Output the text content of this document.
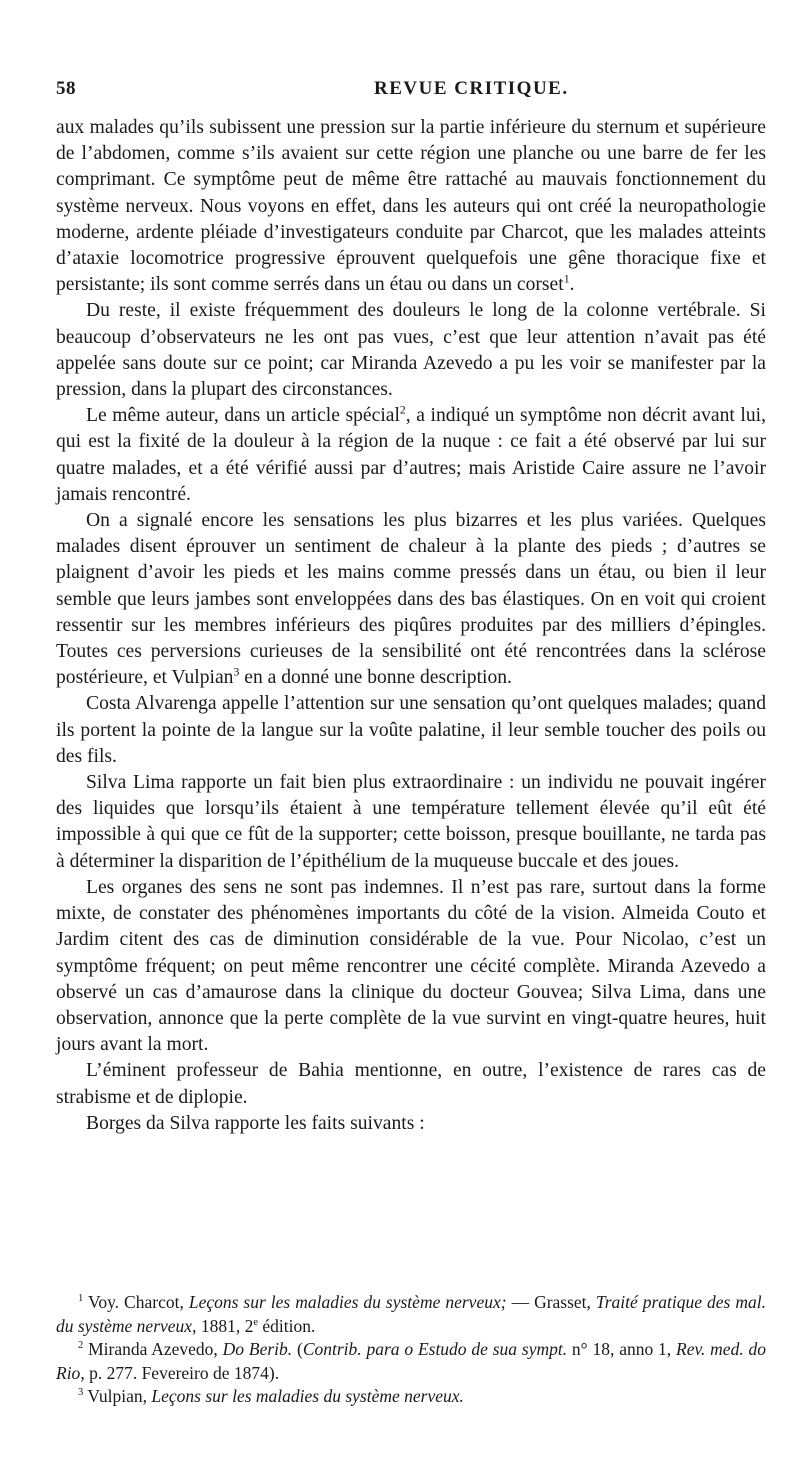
58	REVUE CRITIQUE.

aux malades qu’ils subissent une pression sur la partie inférieure du sternum et supérieure de l’abdomen, comme s’ils avaient sur cette région une planche ou une barre de fer les comprimant. Ce symptôme peut de même être rattaché au mauvais fonctionnement du système nerveux. Nous voyons en effet, dans les auteurs qui ont créé la neuropathologie moderne, ardente pléiade d’investigateurs conduite par Charcot, que les malades atteints d’ataxie locomotrice progressive éprouvent quelquefois une gêne thoracique fixe et persistante; ils sont comme serrés dans un étau ou dans un corset$^1$.

Du reste, il existe fréquemment des douleurs le long de la colonne vertébrale. Si beaucoup d’observateurs ne les ont pas vues, c’est que leur attention n’avait pas été appelée sans doute sur ce point; car Miranda Azevedo a pu les voir se manifester par la pression, dans la plupart des circonstances.

Le même auteur, dans un article spécial$^2$, a indiqué un symptôme non décrit avant lui, qui est la fixité de la douleur à la région de la nuque : ce fait a été observé par lui sur quatre malades, et a été vérifié aussi par d’autres; mais Aristide Caire assure ne l’avoir jamais rencontré.

On a signalé encore les sensations les plus bizarres et les plus variées. Quelques malades disent éprouver un sentiment de chaleur à la plante des pieds ; d’autres se plaignent d’avoir les pieds et les mains comme pressés dans un étau, ou bien il leur semble que leurs jambes sont enveloppées dans des bas élastiques. On en voit qui croient ressentir sur les membres inférieurs des piqûres produites par des milliers d’épingles. Toutes ces perversions curieuses de la sensibilité ont été rencontrées dans la sclérose postérieure, et Vulpian$^3$ en a donné une bonne description.

Costa Alvarenga appelle l’attention sur une sensation qu’ont quelques malades; quand ils portent la pointe de la langue sur la voûte palatine, il leur semble toucher des poils ou des fils.

Silva Lima rapporte un fait bien plus extraordinaire : un individu ne pouvait ingérer des liquides que lorsqu’ils étaient à une température tellement élevée qu’il eût été impossible à qui que ce fût de la supporter; cette boisson, presque bouillante, ne tarda pas à déterminer la disparition de l’épithélium de la muqueuse buccale et des joues.

Les organes des sens ne sont pas indemnes. Il n’est pas rare, surtout dans la forme mixte, de constater des phénomènes importants du côté de la vision. Almeida Couto et Jardim citent des cas de diminution considérable de la vue. Pour Nicolao, c’est un symptôme fréquent; on peut même rencontrer une cécité complète. Miranda Azevedo a observé un cas d’amaurose dans la clinique du docteur Gouvea; Silva Lima, dans une observation, annonce que la perte complète de la vue survint en vingt-quatre heures, huit jours avant la mort.

L’éminent professeur de Bahia mentionne, en outre, l’existence de rares cas de strabisme et de diplopie.

Borges da Silva rapporte les faits suivants :

$^1$ Voy. Charcot, Leçons sur les maladies du système nerveux; — Grasset, Traité pratique des mal. du système nerveux, 1881, 2e édition.

$^2$ Miranda Azevedo, Do Berib. (Contrib. para o Estudo de sua sympt. n° 18, anno 1, Rev. med. do Rio, p. 277. Fevereiro de 1874).

$^3$ Vulpian, Leçons sur les maladies du système nerveux.
